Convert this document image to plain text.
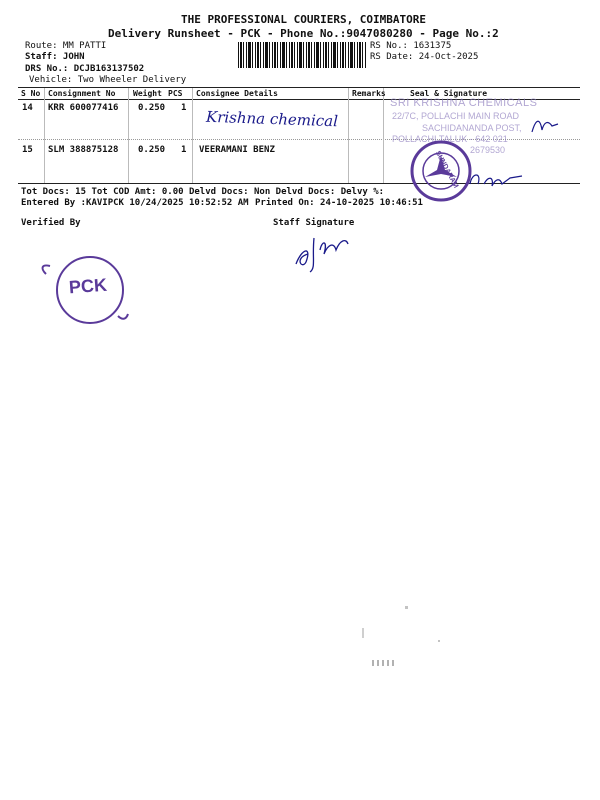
THE PROFESSIONAL COURIERS, COIMBATORE
Delivery Runsheet - PCK - Phone No.:9047080280 - Page No.:2
Route: MM PATTI
Staff: JOHN
DRS No.: DCJB163137502
Vehicle: Two Wheeler Delivery
RS No.: 1631375
RS Date: 24-Oct-2025
S No Consignment No Weight PCS Consignee Details	Remarks	Seal & Signature
14 KRR 600077416 0.250 1 Krishna chemical
15 SLM 388875128 0.250 1 VEERAMANI BENZ
SRI KRISHNA CHEMICALS
22/7C, POLLACHI MAIN ROAD
SACHIDANANDA POST,
POLLACHI TALUK - 642 021
2679530
SUNDARAM
Tot Docs: 15 Tot COD Amt: 0.00 Delvd Docs: Non Delvd Docs: Delvy %:
Entered By :KAVIPCK 10/24/2025 10:52:52 AM Printed On: 24-10-2025 10:46:51
Verified By	Staff Signature
PCK
